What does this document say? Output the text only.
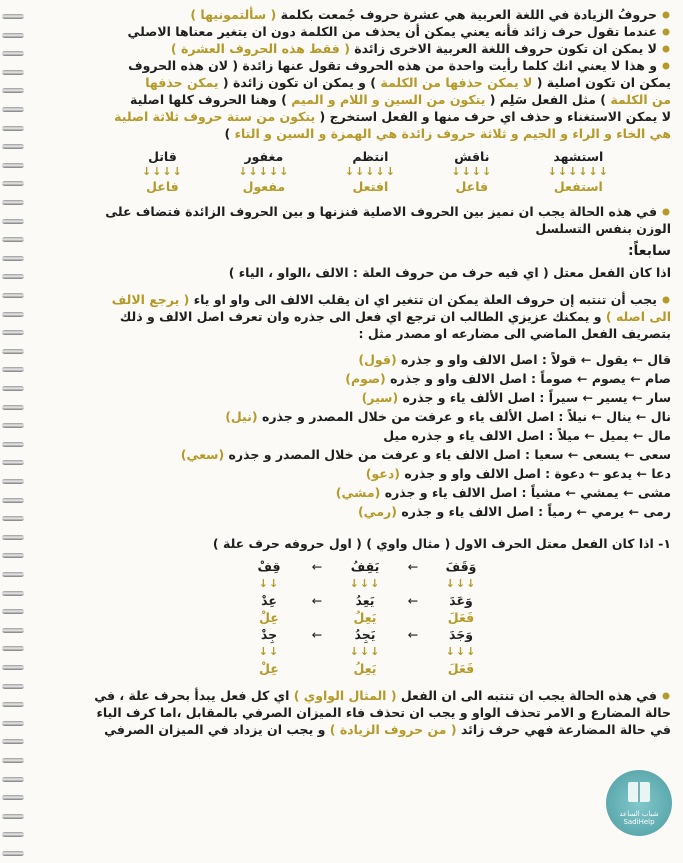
حروفُ الزيادة في اللغة العربية هي عشرة حروف جُمعت بكلمة ( سألتمونيها )

عندما تقول حرف زائد فأنه يعني يمكن أن يحذف من الكلمة دون ان يتغير معناها الاصلي

لا يمكن ان تكون حروف اللغة العربية الاخرى زائدة ( فقط هذه الحروف العشرة )

و هذا لا يعني انك كلما رأيت واحدة من هذه الحروف تقول عنها زائدة ( لان هذه الحروف

يمكن ان تكون اصلية ( لا يمكن حذفها من الكلمة ) و يمكن ان تكون زائدة ( يمكن حذفها

من الكلمة ) مثل الفعل سَلِم ( يتكون من السين و اللام و الميم ) وهنا الحروف كلها اصلية

لا يمكن الاستغناء و حذف اي حرف منها و الفعل استخرج ( يتكون من ستة حروف ثلاثة اصلية

هي الخاء و الراء و الجيم و ثلاثة حروف زائدة هي الهمزة و السين و التاء )

استشهد
↓↓↓↓↓↓
استفعل
ناقش
↓↓↓↓
فاعل
انتظم
↓↓↓↓↓
افتعل
مغفور
↓↓↓↓↓
مفعول
قاتل
↓↓↓↓
فاعل

في هذه الحالة يجب ان نميز بين الحروف الاصلية فنزنها و بين الحروف الزائدة فتضاف على

الوزن بنفس التسلسل

سابعاً:

اذا كان الفعل معتل ( اي فيه حرف من حروف العلة : الالف ،الواو ، الياء )

يجب أن تنتبه إن حروف العلة يمكن ان تتغير اي ان يقلب الالف الى واو او ياء ( يرجع الالف

الى اصله ) و يمكنك عزيزي الطالب ان ترجع اي فعل الى جذره وان تعرف اصل الالف و ذلك

بتصريف الفعل الماضي الى مضارعه او مصدر مثل :

قال ← يقول ← قولاً : اصل الالف واو و جذره (قول)

صام ← يصوم ← صوماً : اصل الالف واو و جذره (صوم)

سار ← يسير ← سيراً : اصل الألف ياء و جذره (سير)

نال ← ينال ← نيلاً : اصل الألف ياء و عرفت من خلال المصدر و جذره (نيل)

مال ← يميل ← ميلاً : اصل الالف ياء و جذره ميل

سعى ← يسعى ← سعيا : اصل الالف ياء و عرفت من خلال المصدر و جذره (سعي)

دعا ← يدعو ← دعوة : اصل الالف واو و جذره (دعو)

مشى ← يمشي ← مشياً : اصل الالف ياء و جذره (مشي)

رمى ← يرمي ← رمياً : اصل الالف ياء و جذره (رمي)

١- اذا كان الفعل معتل الحرف الاول ( مثال واوي ) ( اول حروفه حرف علة )

وَقَفَ
←
يَقِفُ
←
قِفْ
↓↓↓
↓↓↓
↓↓
وَعَدَ
←
يَعِدُ
←
عِدْ
فَعَلَ
يَعِلُ
عِلْ
وَجَدَ
←
يَجِدُ
←
جِدْ
↓↓↓
↓↓↓
↓↓
فَعَلَ
يَعِلُ
عِلْ

في هذه الحالة يجب ان تنتبه الى ان الفعل ( المثال الواوي ) اي كل فعل يبدأ بحرف علة ، في

حالة المضارع و الامر تحذف الواو و يجب ان تحذف فاء الميزان الصرفي بالمقابل ،اما كرف الياء

في حالة المضارعة فهي حرف زائد ( من حروف الزيادة ) و يجب ان يزداد في الميزان الصرفي

شباب الساعد SadiHelp
